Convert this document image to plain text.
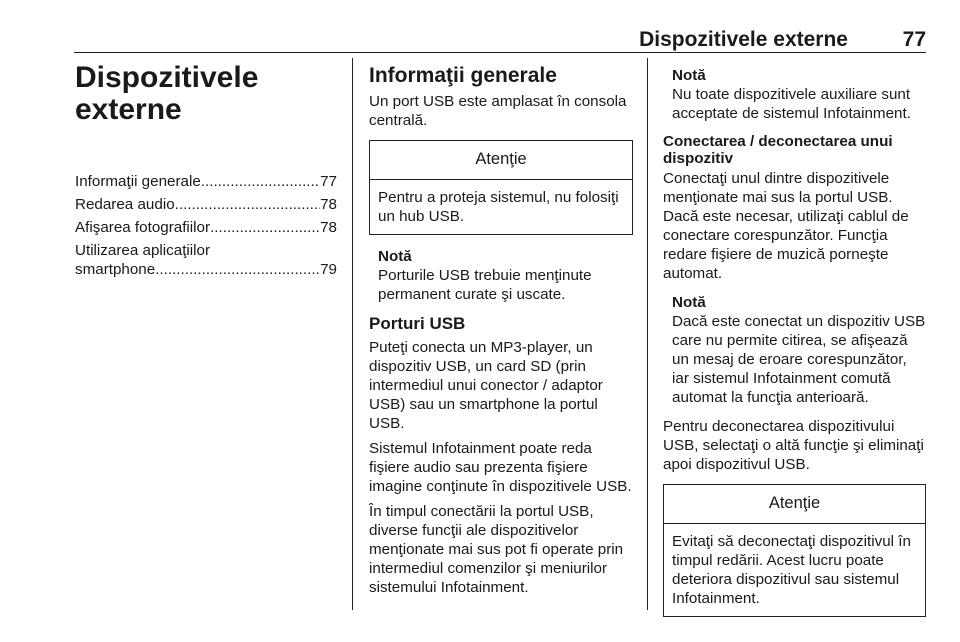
Dispozitivele externe	77
Dispozitivele
externe
Informaţii generale .....	77
Redarea audio .....	78
Afişarea fotografiilor .....	78
Utilizarea aplicaţiilor
smartphone .....	79
Informaţii generale

Un port USB este amplasat în consola centrală.

Atenţie
Pentru a proteja sistemul, nu folosiţi un hub USB.
Notă
Porturile USB trebuie menţinute permanent curate şi uscate.
Porturi USB

Puteţi conecta un MP3-player, un dispozitiv USB, un card SD (prin intermediul unui conector / adaptor USB) sau un smartphone la portul USB.

Sistemul Infotainment poate reda fişiere audio sau prezenta fişiere imagine conţinute în dispozitivele USB.

În timpul conectării la portul USB, diverse funcţii ale dispozitivelor menţionate mai sus pot fi operate prin intermediul comenzilor şi meniurilor sistemului Infotainment.

Notă
Nu toate dispozitivele auxiliare sunt acceptate de sistemul Infotainment.
Conectarea / deconectarea unui dispozitiv

Conectaţi unul dintre dispozitivele menţionate mai sus la portul USB. Dacă este necesar, utilizaţi cablul de conectare corespunzător. Funcţia redare fişiere de muzică porneşte automat.

Notă
Dacă este conectat un dispozitiv USB care nu permite citirea, se afişează un mesaj de eroare corespunzător, iar sistemul Infotainment comută automat la funcţia anterioară.

Pentru deconectarea dispozitivului USB, selectaţi o altă funcţie şi eliminaţi apoi dispozitivul USB.

Atenţie
Evitaţi să deconectaţi dispozitivul în timpul redării. Acest lucru poate deteriora dispozitivul sau sistemul Infotainment.
